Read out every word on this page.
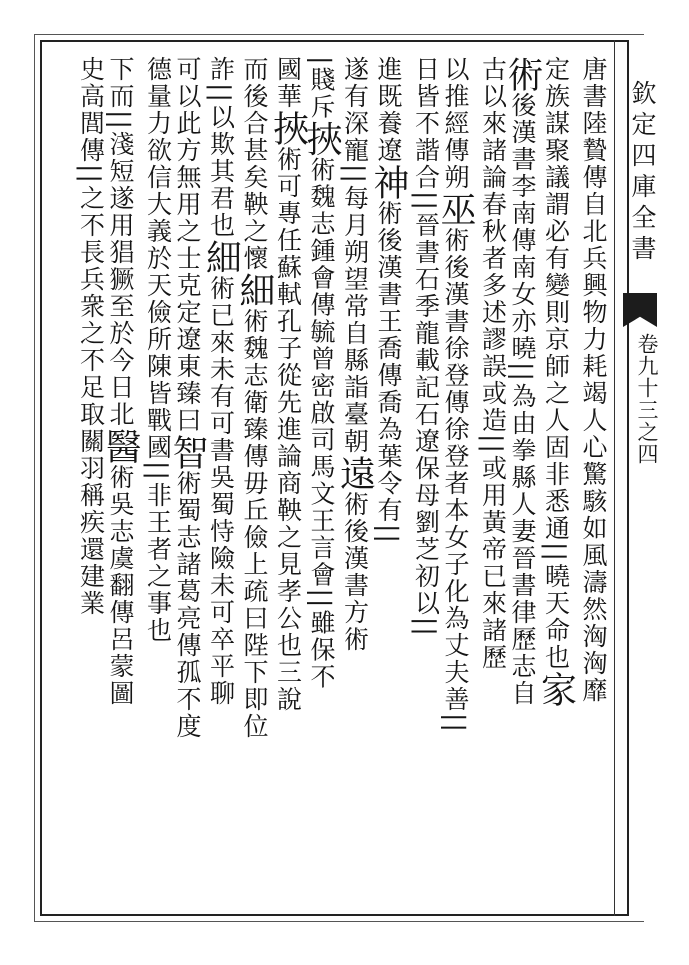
欽定四庫全書
卷九十三之四
唐書陸贄傳自北兵興物力耗竭人心驚駭如風濤然洶洶靡
定族謀聚議謂必有變則京師之人固非悉通||曉天命也家
術後漢書李南傳南女亦曉||為由拳縣人妻晉書律歷志自
古以來諸論春秋者多述謬誤或造||或用黃帝已來諸歷
以推經傳朔巫術後漢書徐登傳徐登者本女子化為丈夫善||
日皆不諧合||晉書石季龍載記石遼保母劉芝初以||
進既養遼神術後漢書王喬傳喬為葉令有||
遂有深寵||每月朔望常自縣詣臺朝遠術後漢書方術
|賤斥挾術魏志鍾會傳毓曾密啟司馬文王言會||雖保不
國華挾術可專任蘇軾孔子從先進論商鞅之見孝公也三說
而後合甚矣鞅之懷細術魏志衛臻傳毋丘儉上疏曰陛下即位
詐||以欺其君也細術已來未有可書吳蜀恃險未可卒平聊
可以此方無用之士克定遼東臻曰智術蜀志諸葛亮傳孤不度
德量力欲信大義於天儉所陳皆戰國||非王者之事也
下而||淺短遂用猖獗至於今日北醫術吳志虞翻傳呂蒙圖
史高閭傳||之不長兵衆之不足取關羽稱疾還建業
